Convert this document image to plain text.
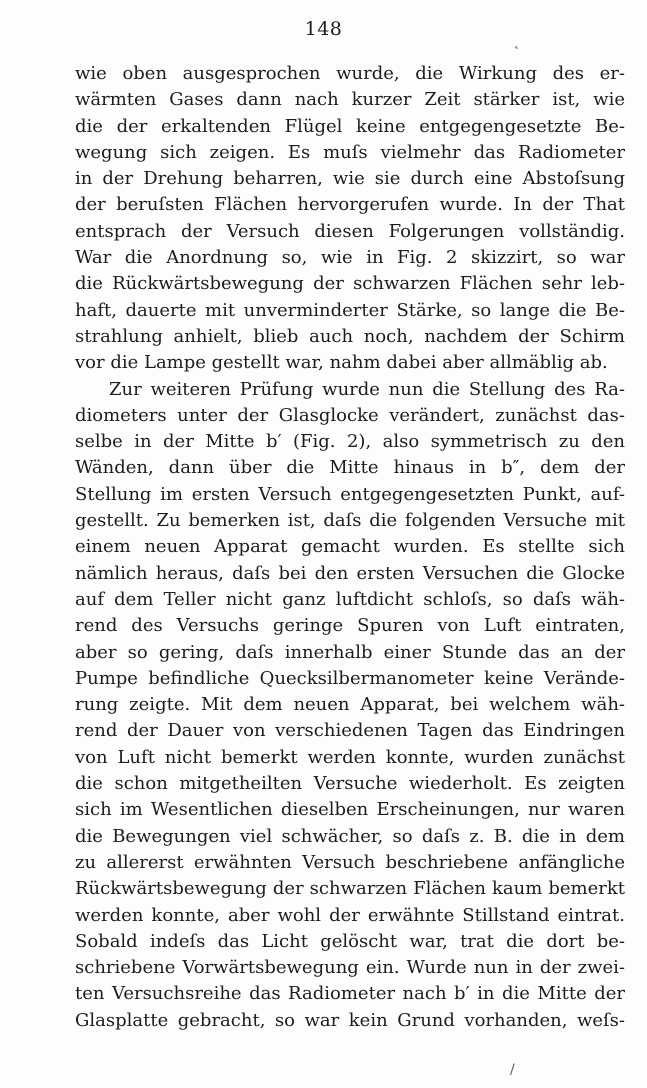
148
˛
wie oben ausgesprochen wurde, die Wirkung des er-
wärmten Gases dann nach kurzer Zeit stärker ist, wie
die der erkaltenden Flügel keine entgegengesetzte Be-
wegung sich zeigen. Es muſs vielmehr das Radiometer
in der Drehung beharren, wie sie durch eine Abstoſsung
der beruſsten Flächen hervorgerufen wurde. In der That
entsprach der Versuch diesen Folgerungen vollständig.
War die Anordnung so, wie in Fig. 2 skizzirt, so war
die Rückwärtsbewegung der schwarzen Flächen sehr leb-
haft, dauerte mit unverminderter Stärke, so lange die Be-
strahlung anhielt, blieb auch noch, nachdem der Schirm
vor die Lampe gestellt war, nahm dabei aber allmäblig ab.
Zur weiteren Prüfung wurde nun die Stellung des Ra-
diometers unter der Glasglocke verändert, zunächst das-
selbe in der Mitte b′ (Fig. 2), also symmetrisch zu den
Wänden, dann über die Mitte hinaus in b″, dem der
Stellung im ersten Versuch entgegengesetzten Punkt, auf-
gestellt. Zu bemerken ist, daſs die folgenden Versuche mit
einem neuen Apparat gemacht wurden. Es stellte sich
nämlich heraus, daſs bei den ersten Versuchen die Glocke
auf dem Teller nicht ganz luftdicht schloſs, so daſs wäh-
rend des Versuchs geringe Spuren von Luft eintraten,
aber so gering, daſs innerhalb einer Stunde das an der
Pumpe befindliche Quecksilbermanometer keine Verände-
rung zeigte. Mit dem neuen Apparat, bei welchem wäh-
rend der Dauer von verschiedenen Tagen das Eindringen
von Luft nicht bemerkt werden konnte, wurden zunächst
die schon mitgetheilten Versuche wiederholt. Es zeigten
sich im Wesentlichen dieselben Erscheinungen, nur waren
die Bewegungen viel schwächer, so daſs z. B. die in dem
zu allererst erwähnten Versuch beschriebene anfängliche
Rückwärtsbewegung der schwarzen Flächen kaum bemerkt
werden konnte, aber wohl der erwähnte Stillstand eintrat.
Sobald indeſs das Licht gelöscht war, trat die dort be-
schriebene Vorwärtsbewegung ein. Wurde nun in der zwei-
ten Versuchsreihe das Radiometer nach b′ in die Mitte der
Glasplatte gebracht, so war kein Grund vorhanden, weſs-
/
